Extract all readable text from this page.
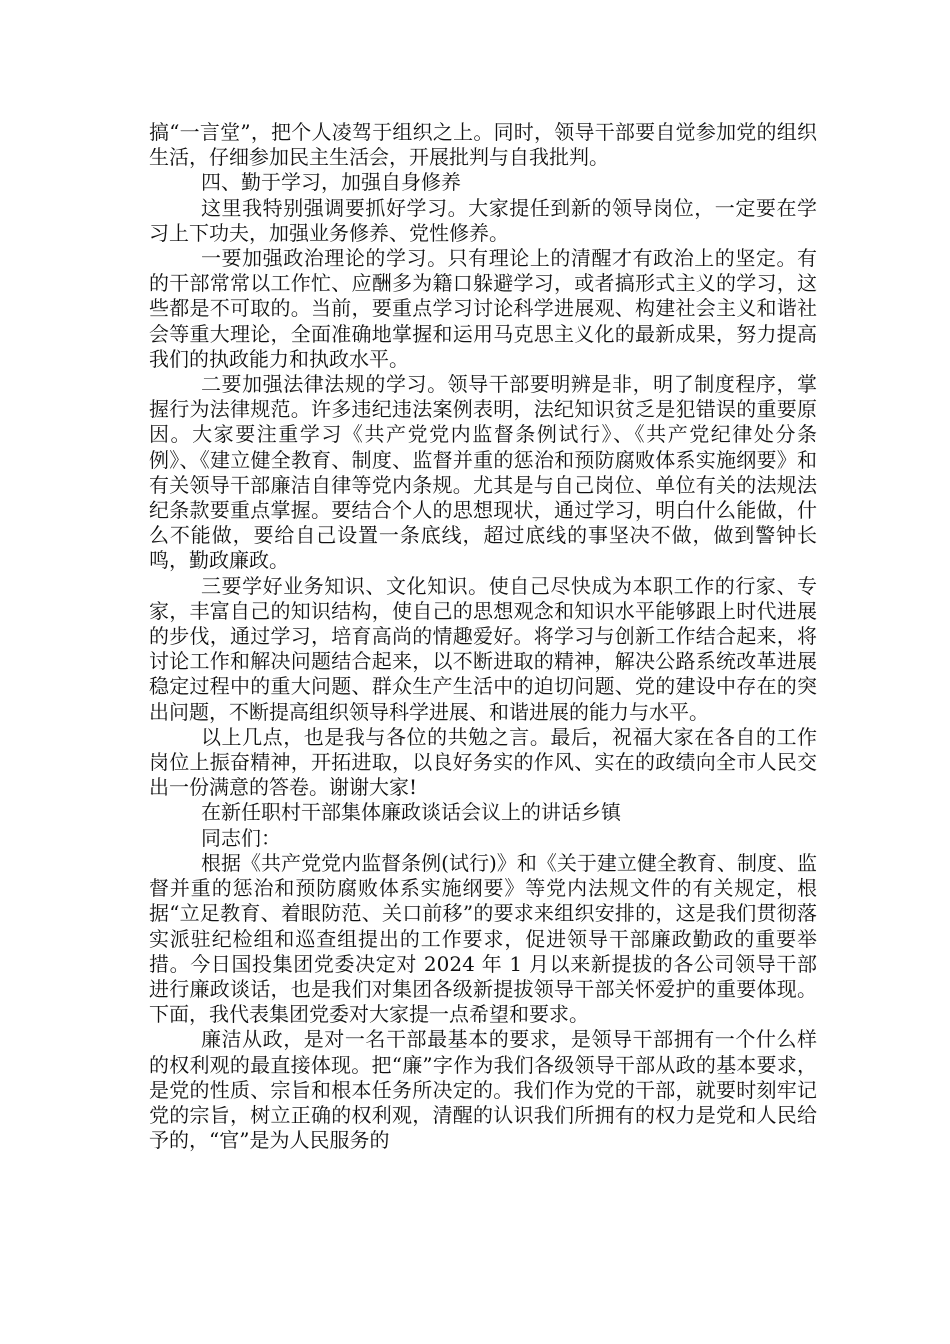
搞“一言堂”，把个人凌驾于组织之上。同时，领导干部要自觉参加党的组织生活，仔细参加民主生活会，开展批判与自我批判。

四、勤于学习，加强自身修养

这里我特别强调要抓好学习。大家提任到新的领导岗位，一定要在学习上下功夫，加强业务修养、党性修养。

一要加强政治理论的学习。只有理论上的清醒才有政治上的坚定。有的干部常常以工作忙、应酬多为籍口躲避学习，或者搞形式主义的学习，这些都是不可取的。当前，要重点学习讨论科学进展观、构建社会主义和谐社会等重大理论，全面准确地掌握和运用马克思主义化的最新成果，努力提高我们的执政能力和执政水平。

二要加强法律法规的学习。领导干部要明辨是非，明了制度程序，掌握行为法律规范。许多违纪违法案例表明，法纪知识贫乏是犯错误的重要原因。大家要注重学习《共产党党内监督条例试行》、《共产党纪律处分条例》、《建立健全教育、制度、监督并重的惩治和预防腐败体系实施纲要》和有关领导干部廉洁自律等党内条规。尤其是与自己岗位、单位有关的法规法纪条款要重点掌握。要结合个人的思想现状，通过学习，明白什么能做，什么不能做，要给自己设置一条底线，超过底线的事坚决不做，做到警钟长鸣，勤政廉政。

三要学好业务知识、文化知识。使自己尽快成为本职工作的行家、专家，丰富自己的知识结构，使自己的思想观念和知识水平能够跟上时代进展的步伐，通过学习，培育高尚的情趣爱好。将学习与创新工作结合起来，将讨论工作和解决问题结合起来，以不断进取的精神，解决公路系统改革进展稳定过程中的重大问题、群众生产生活中的迫切问题、党的建设中存在的突出问题，不断提高组织领导科学进展、和谐进展的能力与水平。

以上几点，也是我与各位的共勉之言。最后，祝福大家在各自的工作岗位上振奋精神，开拓进取，以良好务实的作风、实在的政绩向全市人民交出一份满意的答卷。谢谢大家!

在新任职村干部集体廉政谈话会议上的讲话乡镇

同志们：

根据《共产党党内监督条例(试行)》和《关于建立健全教育、制度、监督并重的惩治和预防腐败体系实施纲要》等党内法规文件的有关规定，根据“立足教育、着眼防范、关口前移”的要求来组织安排的，这是我们贯彻落实派驻纪检组和巡查组提出的工作要求，促进领导干部廉政勤政的重要举措。今日国投集团党委决定对 2024 年 1 月以来新提拔的各公司领导干部进行廉政谈话，也是我们对集团各级新提拔领导干部关怀爱护的重要体现。下面，我代表集团党委对大家提一点希望和要求。

廉洁从政，是对一名干部最基本的要求，是领导干部拥有一个什么样的权利观的最直接体现。把“廉”字作为我们各级领导干部从政的基本要求，是党的性质、宗旨和根本任务所决定的。我们作为党的干部，就要时刻牢记党的宗旨，树立正确的权利观，清醒的认识我们所拥有的权力是党和人民给予的，“官”是为人民服务的
